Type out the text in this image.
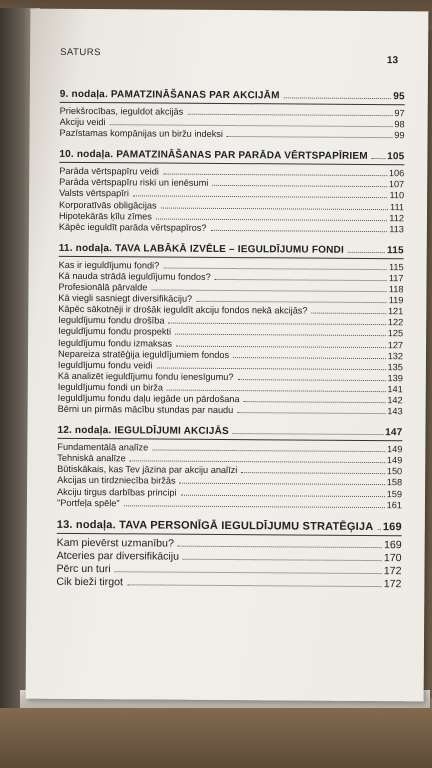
SATURS
13
9. nodaļa. PAMATZINĀŠANAS PAR AKCIJĀM	95
Priekšrocības, ieguldot akcijās	97
Akciju veidi	98
Pazīstamas kompānijas un biržu indeksi	99
10. nodaļa. PAMATZINĀŠANAS PAR PARĀDA VĒRTSPAPĪRIEM 105
Parāda vērtspapīru veidi	106
Parāda vērtspapīru riski un ienēsumi	107
Valsts vērtspapīri	110
Korporatīvās obligācijas	111
Hipotekārās ķīlu zīmes	112
Kāpēc ieguldīt parāda vērtspapīros?	113
11. nodaļa. TAVA LABĀKĀ IZVĒLE – IEGULDĪJUMU FONDI	115
Kas ir ieguldījumu fondi?	115
Kā nauda strādā ieguldījumu fondos?	117
Profesionālā pārvalde	118
Kā viegli sasniegt diversifikāciju?	119
Kāpēc sākotnēji ir drošāk ieguldīt akciju fondos nekā akcijās?	121
Ieguldījumu fondu drošība	122
Ieguldījumu fondu prospekti	125
Ieguldījumu fondu izmaksas	127
Nepareiza stratēģija ieguldījumiem fondos	132
Ieguldījumu fondu veidi	135
Kā analizēt ieguldījumu fondu ienesīgumu?	139
Ieguldījumu fondi un birža	141
Ieguldījumu fondu daļu iegāde un pārdošana	142
Bērni un pirmās mācību stundas par naudu	143
12. nodaļa. IEGULDĪJUMI AKCIJĀS	147
Fundamentālā analīze	149
Tehniskā analīze	149
Būtiskākais, kas Tev jāzina par akciju analīzi	150
Akcijas un tirdzniecība biržās	158
Akciju tirgus darbības principi	159
"Portfeļa spēle"	161
13. nodaļa. TAVA PERSONĪGĀ IEGULDĪJUMU STRATĒĢIJA 169
Kam pievērst uzmanību?	169
Atceries par diversifikāciju	170
Pērc un turi	172
Cik bieži tirgot	172
